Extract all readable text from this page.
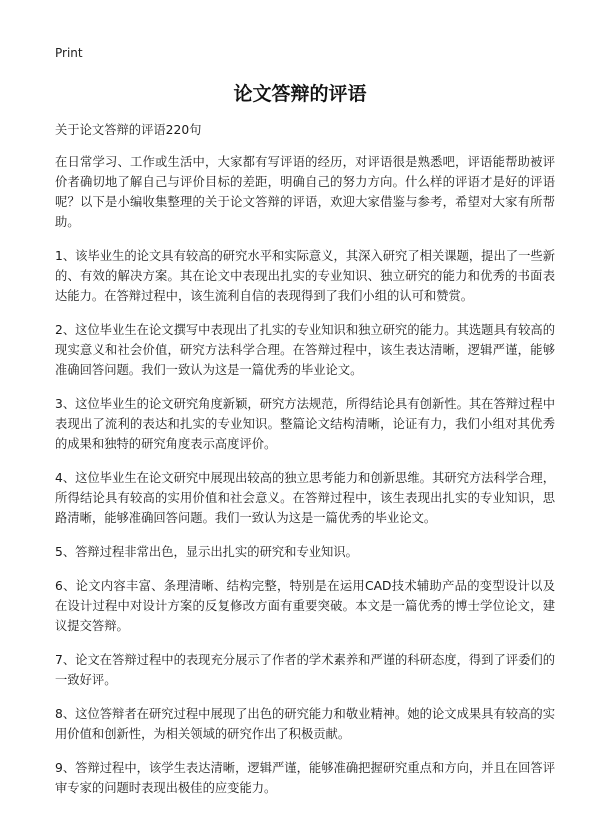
Print
论文答辩的评语

关于论文答辩的评语220句

在日常学习、工作或生活中，大家都有写评语的经历，对评语很是熟悉吧，评语能帮助被评价者确切地了解自己与评价目标的差距，明确自己的努力方向。什么样的评语才是好的评语呢？以下是小编收集整理的关于论文答辩的评语，欢迎大家借鉴与参考，希望对大家有所帮助。

1、该毕业生的论文具有较高的研究水平和实际意义，其深入研究了相关课题，提出了一些新的、有效的解决方案。其在论文中表现出扎实的专业知识、独立研究的能力和优秀的书面表达能力。在答辩过程中，该生流利自信的表现得到了我们小组的认可和赞赏。

2、这位毕业生在论文撰写中表现出了扎实的专业知识和独立研究的能力。其选题具有较高的现实意义和社会价值，研究方法科学合理。在答辩过程中，该生表达清晰，逻辑严谨，能够准确回答问题。我们一致认为这是一篇优秀的毕业论文。

3、这位毕业生的论文研究角度新颖，研究方法规范，所得结论具有创新性。其在答辩过程中表现出了流利的表达和扎实的专业知识。整篇论文结构清晰，论证有力，我们小组对其优秀的成果和独特的研究角度表示高度评价。

4、这位毕业生在论文研究中展现出较高的独立思考能力和创新思维。其研究方法科学合理，所得结论具有较高的实用价值和社会意义。在答辩过程中，该生表现出扎实的专业知识，思路清晰，能够准确回答问题。我们一致认为这是一篇优秀的毕业论文。

5、答辩过程非常出色，显示出扎实的研究和专业知识。

6、论文内容丰富、条理清晰、结构完整，特别是在运用CAD技术辅助产品的变型设计以及在设计过程中对设计方案的反复修改方面有重要突破。本文是一篇优秀的博士学位论文，建议提交答辩。

7、论文在答辩过程中的表现充分展示了作者的学术素养和严谨的科研态度，得到了评委们的一致好评。

8、这位答辩者在研究过程中展现了出色的研究能力和敬业精神。她的论文成果具有较高的实用价值和创新性，为相关领域的研究作出了积极贡献。

9、答辩过程中，该学生表达清晰，逻辑严谨，能够准确把握研究重点和方向，并且在回答评审专家的问题时表现出极佳的应变能力。
